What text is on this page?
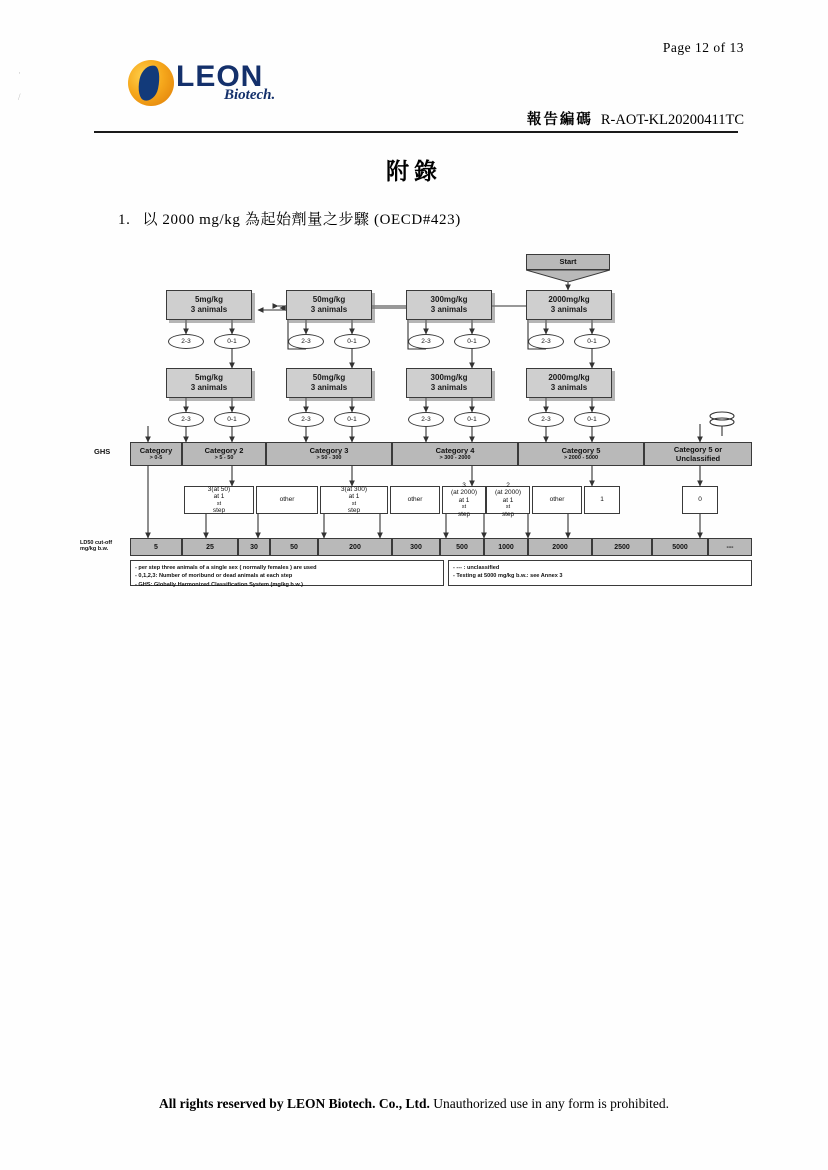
·
/
Page 12 of 13
LEON
Biotech.
報告編碼 R-AOT-KL20200411TC
附錄
1. 以 2000 mg/kg 為起始劑量之步驟 (OECD#423)
Start
5mg/kg
3 animals
50mg/kg
3 animals
300mg/kg
3 animals
2000mg/kg
3 animals
2-3	0-1	2-3	0-1	2-3	0-1	2-3	0-1
5mg/kg
3 animals
50mg/kg
3 animals
300mg/kg
3 animals
2000mg/kg
3 animals
2-3	0-1	2-3	0-1	2-3	0-1	2-3	0-1
GHS
LD50 cut-off
mg/kg b.w.
Category
> 0-5
Category 2
> 5 - 50
Category 3
> 50 - 300
Category 4
> 300 - 2000
Category 5
> 2000 - 5000
Category 5 or
Unclassified
3(at 50)
at 1
st
step
other
3(at 300)
at 1
st
step
other
3
(at 2000)
at 1
st
step
2
(at 2000)
at 1
st
step
other	1	0
5	25	30	50	200	300	500	1000	2000	2500	5000	---
- per step three animals of a single sex ( normally females ) are used
- 0,1,2,3: Number of moribund or dead animals at each step
- GHS: Globally Harmonized Classification System (mg/kg b.w.)
- --- : unclassified
- Testing at 5000 mg/kg b.w.: see Annex 3
All rights reserved by LEON Biotech. Co., Ltd. Unauthorized use in any form is prohibited.
